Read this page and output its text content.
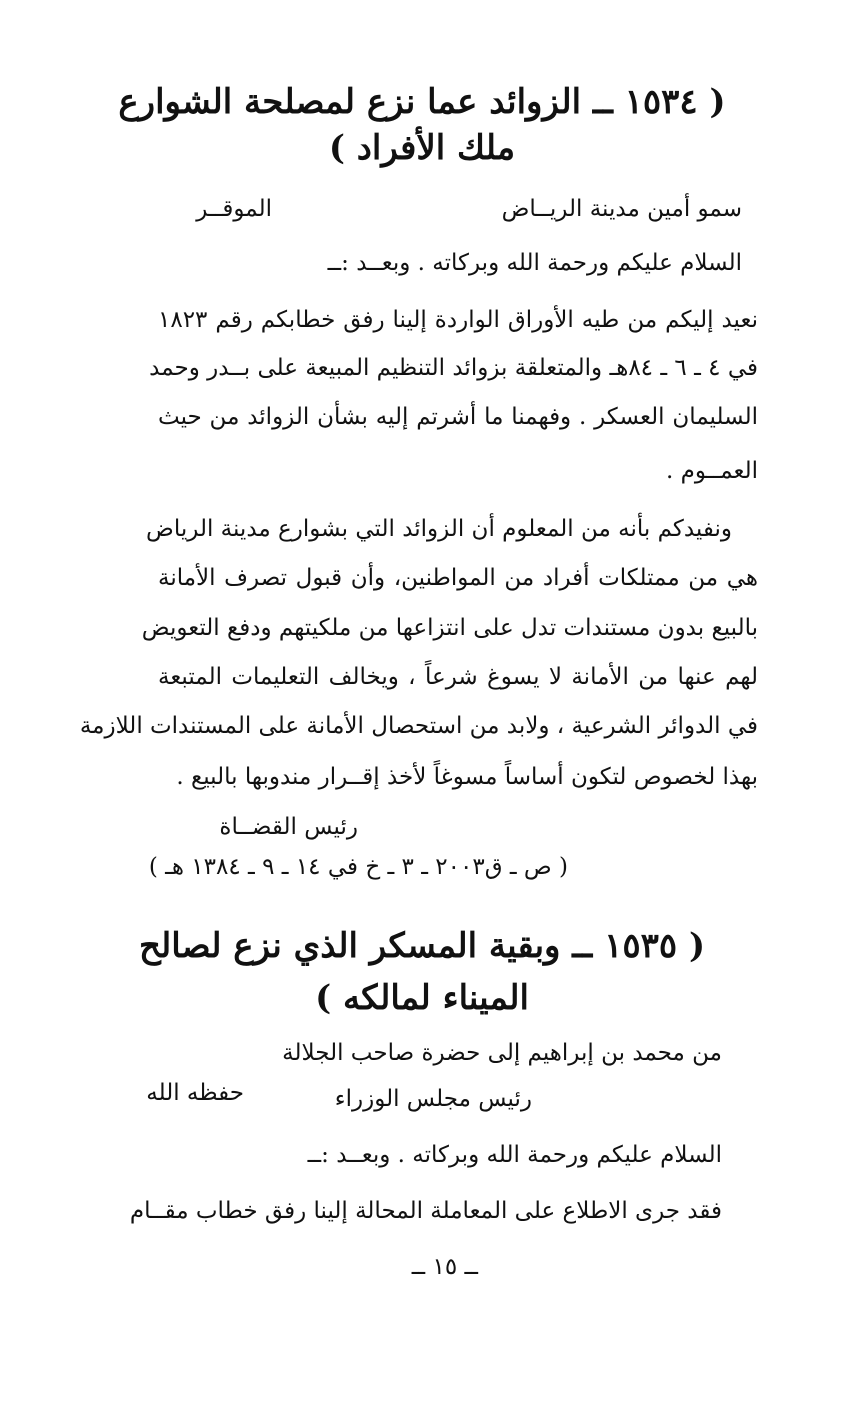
( ١٥٣٤ ــ الزوائد عما نزع لمصلحة الشوارع
ملك الأفراد )
سمو أمين مدينة الريــاض
الموقــر
السلام عليكم ورحمة الله وبركاته . وبعــد :ــ
نعيد إليكم من طيه الأوراق الواردة إلينا رفق خطابكم رقم ١٨٢٣
في ٤ ـ ٦ ـ ٨٤هـ والمتعلقة بزوائد التنظيم المبيعة على بــدر وحمد
السليمان العسكر . وفهمنا ما أشرتم إليه بشأن الزوائد من حيث
العمــوم .
ونفيدكم بأنه من المعلوم أن الزوائد التي بشوارع مدينة الرياض
هي من ممتلكات أفراد من المواطنين، وأن قبول تصرف الأمانة
بالبيع بدون مستندات تدل على انتزاعها من ملكيتهم ودفع التعويض
لهم عنها من الأمانة لا يسوغ شرعاً ، ويخالف التعليمات المتبعة
في الدوائر الشرعية ، ولابد من استحصال الأمانة على المستندات اللازمة
بهذا لخصوص لتكون أساساً مسوغاً لأخذ إقــرار مندوبها بالبيع .
رئيس القضــاة
( ص ـ ق٢٠٠٣ ـ ٣ ـ خ في ١٤ ـ ٩ ـ ١٣٨٤ هـ )
( ١٥٣٥ ــ وبقية المسكر الذي نزع لصالح
الميناء لمالكه )
من محمد بن إبراهيم إلى حضرة صاحب الجلالة
رئيس مجلس الوزراء
حفظه الله
السلام عليكم ورحمة الله وبركاته . وبعــد :ــ
فقد جرى الاطلاع على المعاملة المحالة إلينا رفق خطاب مقــام
ــ ١٥ ــ
